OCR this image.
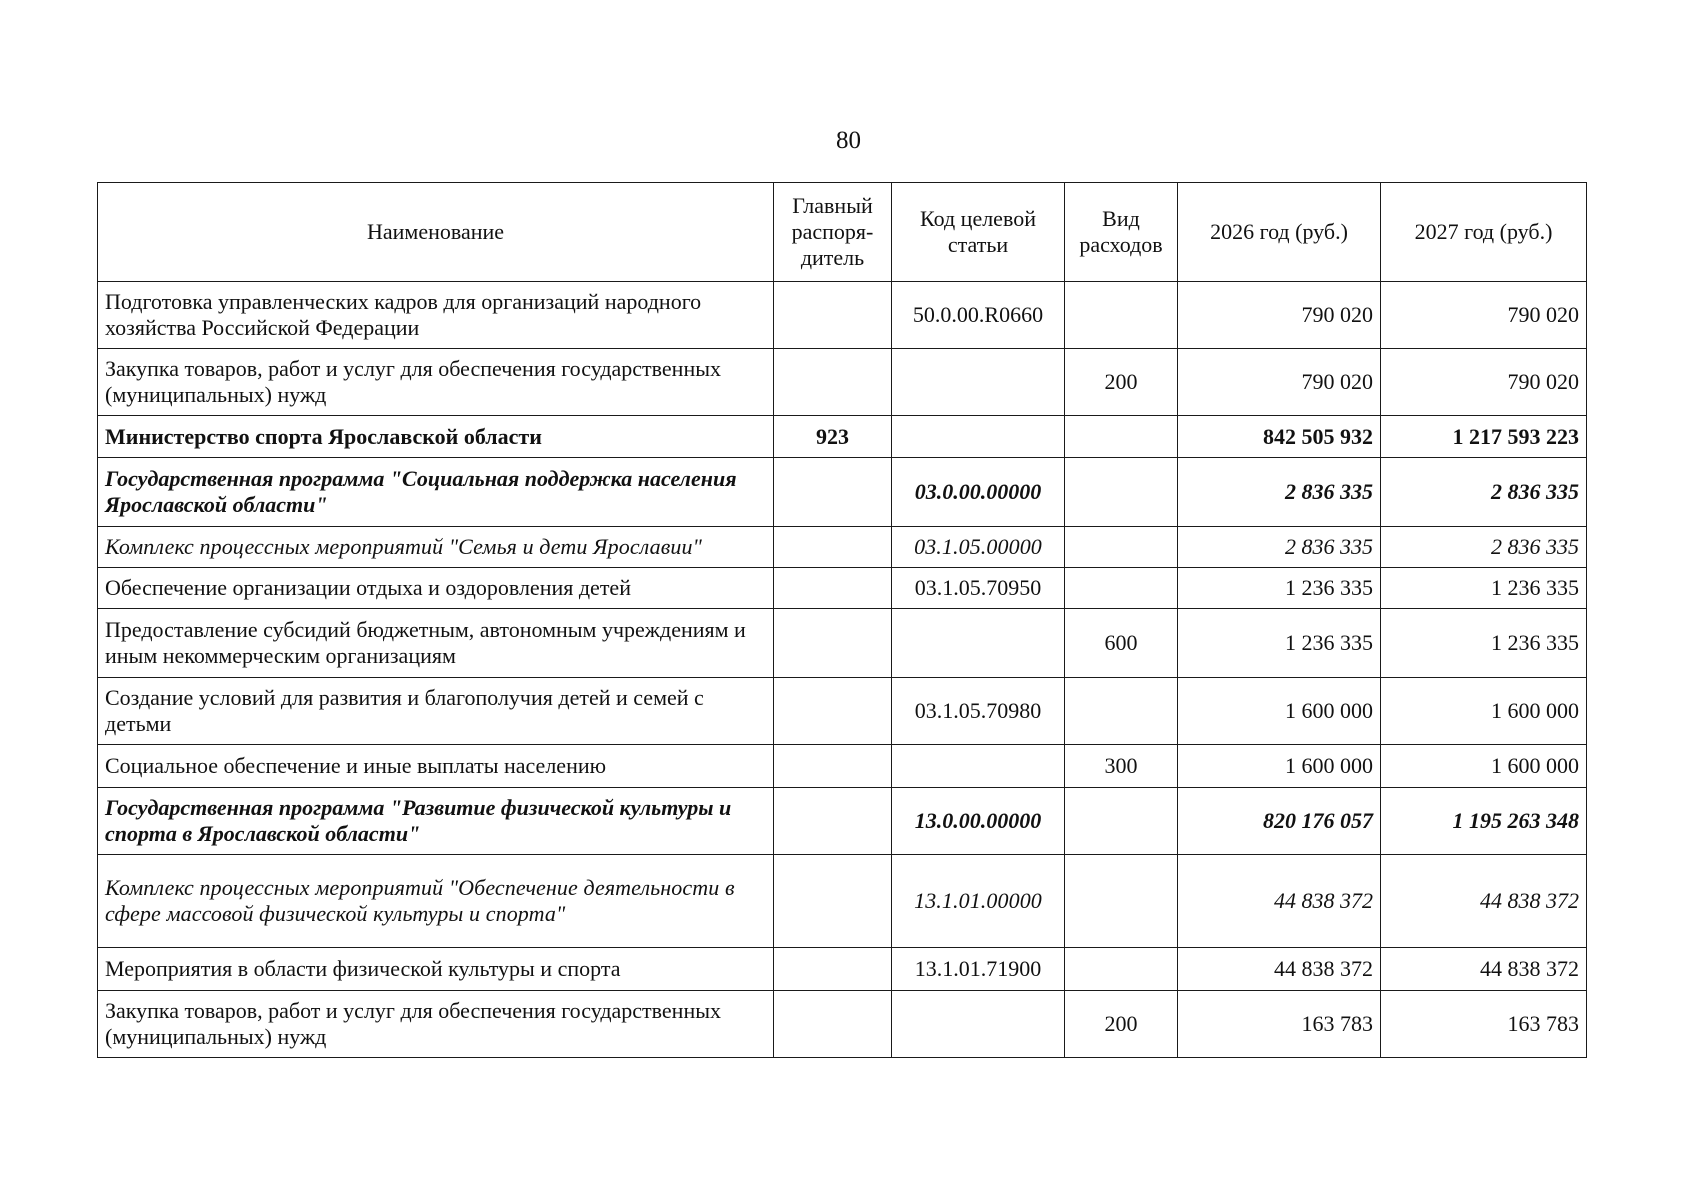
80
Наименование	Главный распоря-дитель	Код целевой статьи	Вид расходов	2026 год (руб.)	2027 год (руб.)
Подготовка управленческих кадров для организаций народного хозяйства Российской Федерации		50.0.00.R0660		790 020	790 020
Закупка товаров, работ и услуг для обеспечения государственных (муниципальных) нужд			200	790 020	790 020
Министерство спорта Ярославской области	923			842 505 932	1 217 593 223
Государственная программа "Социальная поддержка населения Ярославской области"		03.0.00.00000		2 836 335	2 836 335
Комплекс процессных мероприятий "Семья и дети Ярославии"		03.1.05.00000		2 836 335	2 836 335
Обеспечение организации отдыха и оздоровления детей		03.1.05.70950		1 236 335	1 236 335
Предоставление субсидий бюджетным, автономным учреждениям и иным некоммерческим организациям			600	1 236 335	1 236 335
Создание условий для развития и благополучия детей и семей с детьми		03.1.05.70980		1 600 000	1 600 000
Социальное обеспечение и иные выплаты населению			300	1 600 000	1 600 000
Государственная программа "Развитие физической культуры и спорта в Ярославской области"		13.0.00.00000		820 176 057	1 195 263 348
Комплекс процессных мероприятий "Обеспечение деятельности в сфере массовой физической культуры и спорта"		13.1.01.00000		44 838 372	44 838 372
Мероприятия в области физической культуры и спорта		13.1.01.71900		44 838 372	44 838 372
Закупка товаров, работ и услуг для обеспечения государственных (муниципальных) нужд			200	163 783	163 783
